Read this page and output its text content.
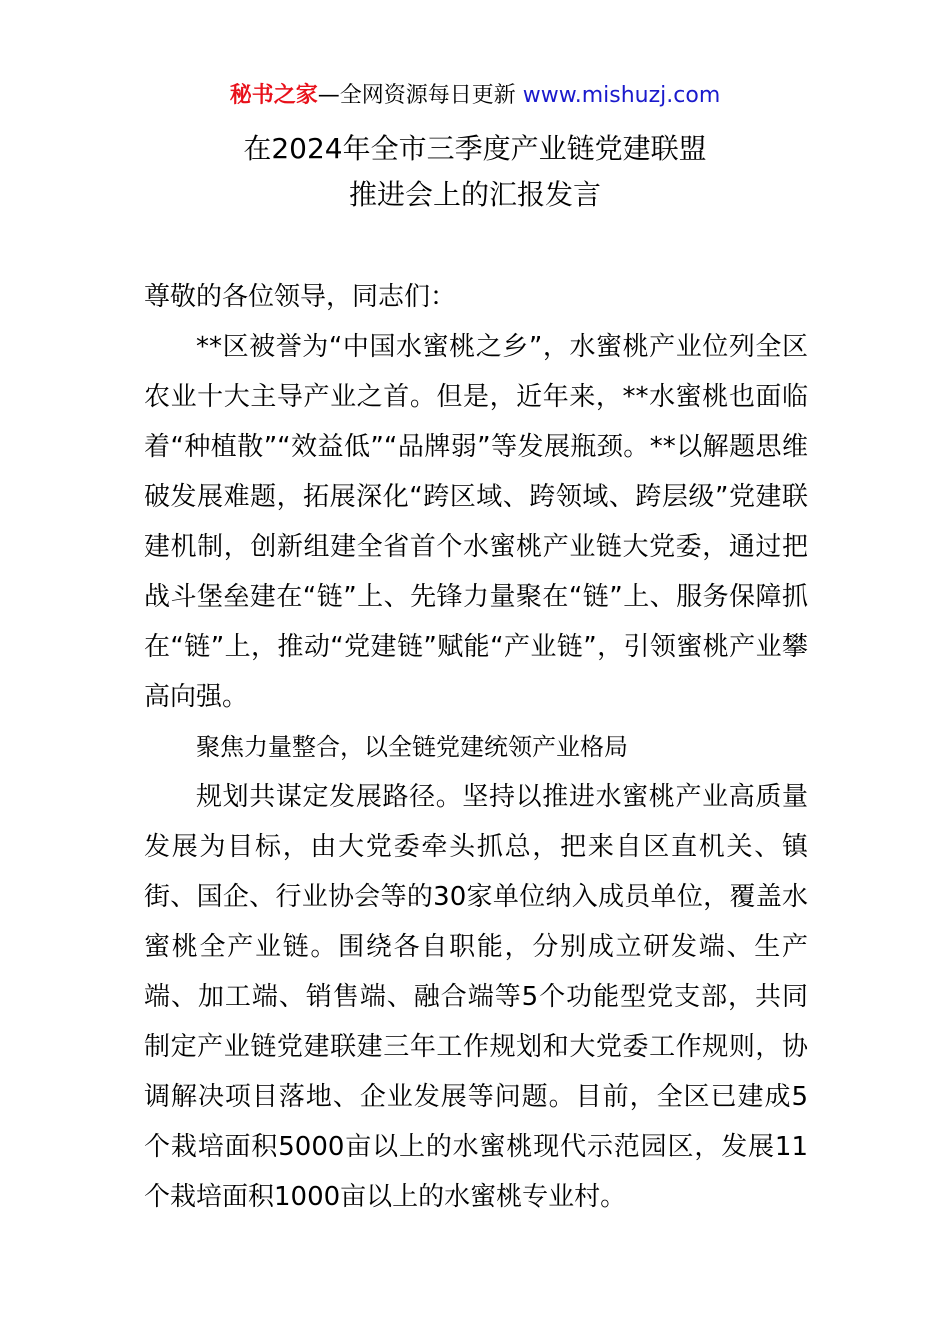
秘书之家—全网资源每日更新 www.mishuzj.com
在2024年全市三季度产业链党建联盟
推进会上的汇报发言

尊敬的各位领导，同志们：

**区被誉为“中国水蜜桃之乡”，水蜜桃产业位列全区农业十大主导产业之首。但是，近年来，**水蜜桃也面临着“种植散”“效益低”“品牌弱”等发展瓶颈。**以解题思维破发展难题，拓展深化“跨区域、跨领域、跨层级”党建联建机制，创新组建全省首个水蜜桃产业链大党委，通过把战斗堡垒建在“链”上、先锋力量聚在“链”上、服务保障抓在“链”上，推动“党建链”赋能“产业链”，引领蜜桃产业攀高向强。

聚焦力量整合，以全链党建统领产业格局

规划共谋定发展路径。坚持以推进水蜜桃产业高质量发展为目标，由大党委牵头抓总，把来自区直机关、镇街、国企、行业协会等的30家单位纳入成员单位，覆盖水蜜桃全产业链。围绕各自职能，分别成立研发端、生产端、加工端、销售端、融合端等5个功能型党支部，共同制定产业链党建联建三年工作规划和大党委工作规则，协调解决项目落地、企业发展等问题。目前，全区已建成5个栽培面积5000亩以上的水蜜桃现代示范园区，发展11个栽培面积1000亩以上的水蜜桃专业村。
